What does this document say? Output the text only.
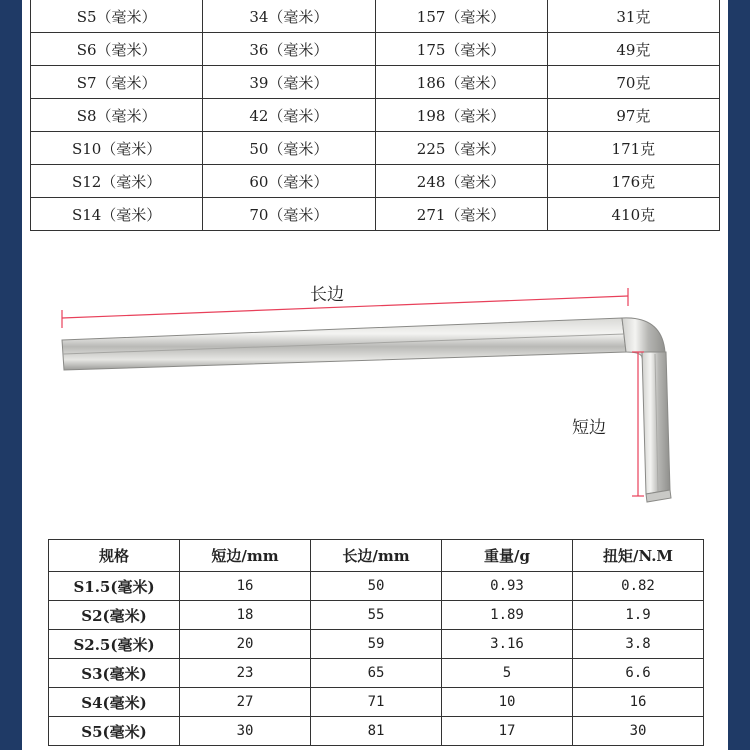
S5（毫米）	34（毫米）	157（毫米）	31克
S6（毫米）	36（毫米）	175（毫米）	49克
S7（毫米）	39（毫米）	186（毫米）	70克
S8（毫米）	42（毫米）	198（毫米）	97克
S10（毫米）	50（毫米）	225（毫米）	171克
S12（毫米）	60（毫米）	248（毫米）	176克
S14（毫米）	70（毫米）	271（毫米）	410克
长边
短边
规格	短边/mm	长边/mm	重量/g	扭矩/N.M
S1.5(毫米)	16	50	0.93	0.82
S2(毫米)	18	55	1.89	1.9
S2.5(毫米)	20	59	3.16	3.8
S3(毫米)	23	65	5	6.6
S4(毫米)	27	71	10	16
S5(毫米)	30	81	17	30
